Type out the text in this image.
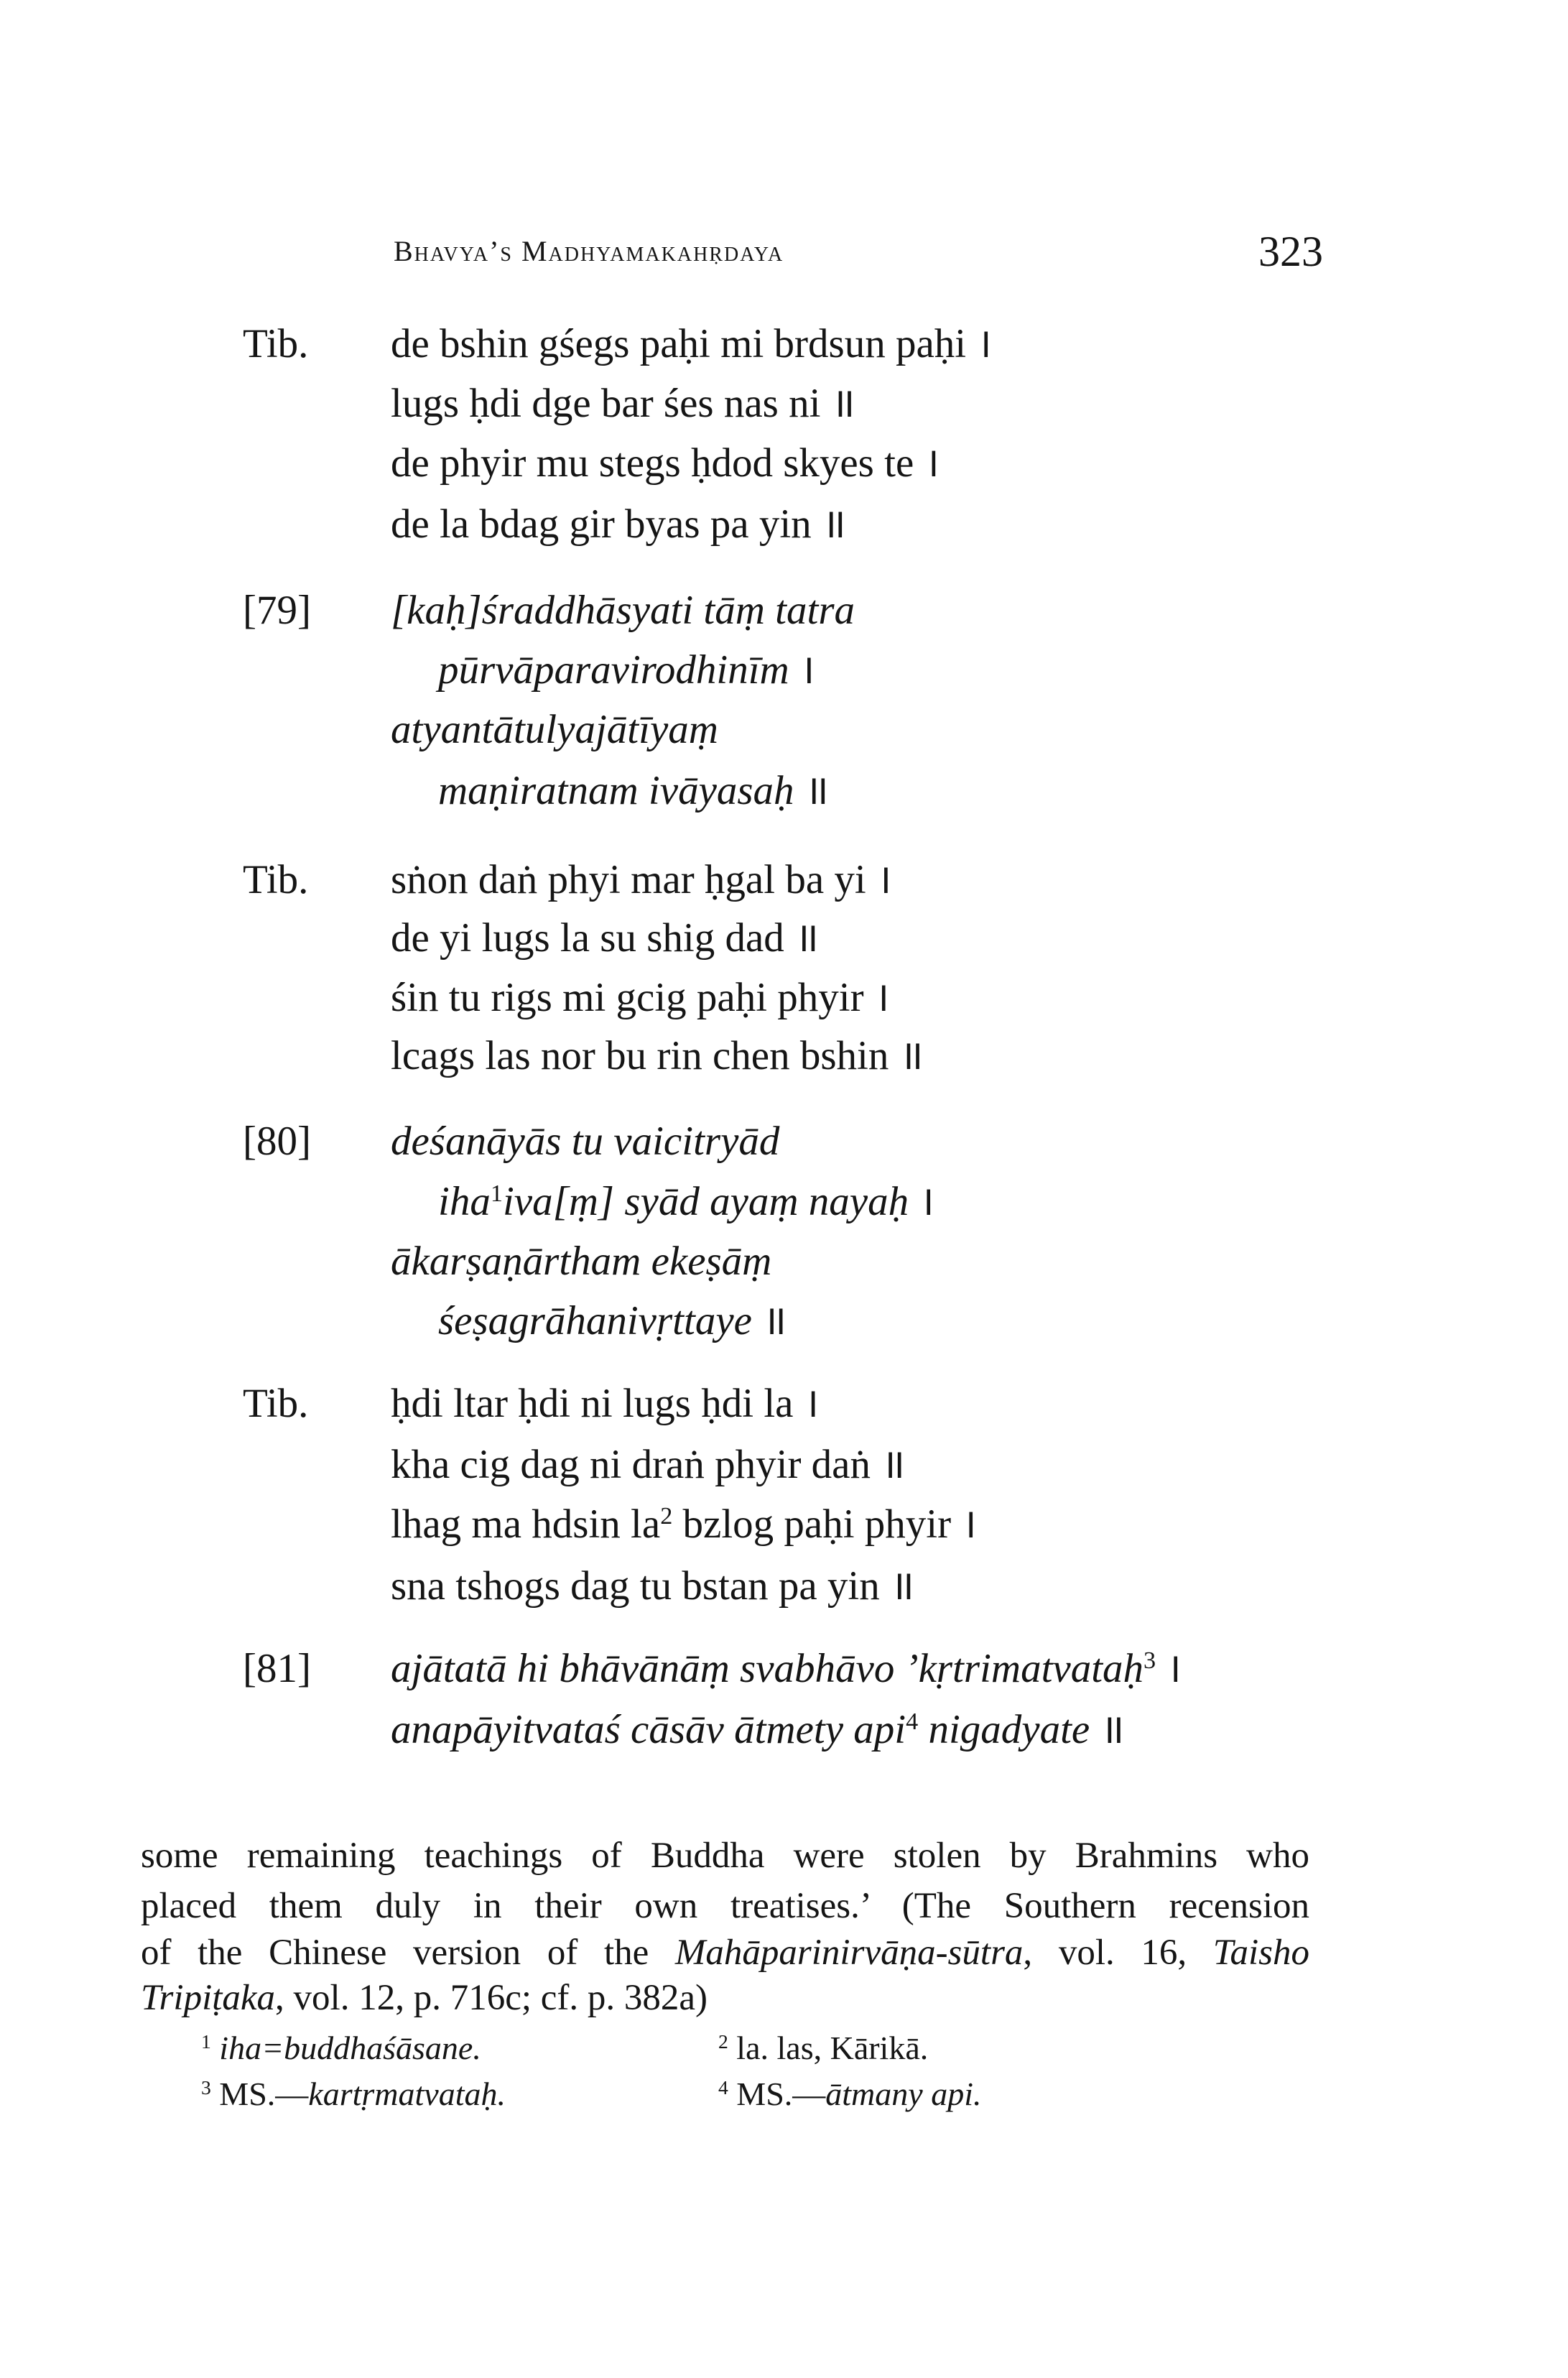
Bhavya’s Madhyamakahṛdaya	323
Tib. de bshin gśegs paḥi mi brdsun paḥi ।
lugs ḥdi dge bar śes nas ni ॥
de phyir mu stegs ḥdod skyes te ।
de la bdag gir byas pa yin ॥
[79] [kaḥ]śraddhāsyati tāṃ tatra
pūrvāparavirodhinīm ।
atyantātulyajātīyaṃ
maṇiratnam ivāyasaḥ ॥
Tib. sṅon daṅ phyi mar ḥgal ba yi ।
de yi lugs la su shig dad ॥
śin tu rigs mi gcig paḥi phyir ।
lcags las nor bu rin chen bshin ॥
[80] deśanāyās tu vaicitryād
iha$^1$iva[ṃ] syād ayaṃ nayaḥ ।
ākarṣaṇārtham ekeṣāṃ
śeṣagrāhanivṛttaye ॥
Tib. ḥdi ltar ḥdi ni lugs ḥdi la ।
kha cig dag ni draṅ phyir daṅ ॥
lhag ma hdsin $la^2$ bzlog paḥi phyir ।
sna tshogs dag tu bstan pa yin ॥
[81] ajātatā hi bhāvānāṃ svabhāvo ’kṛtrimatvataḥ$^3$ ।
anapāyitvataś cāsāv ātmety api$^4$ nigadyate ॥
some remaining teachings of Buddha were stolen by Brahmins who
placed them duly in their own treatises.’ (The Southern recension
of the Chinese version of the Mahāparinirvāṇa-sūtra, vol. 16, Taisho
Tripiṭaka, vol. 12, p. 716c; cf. p. 382a)
$^1$ iha=buddhaśāsane.	$^2$ la. las, Kārikā.
$^3$ MS.—kartṛmatvataḥ.	$^4$ MS.—ātmany api.
